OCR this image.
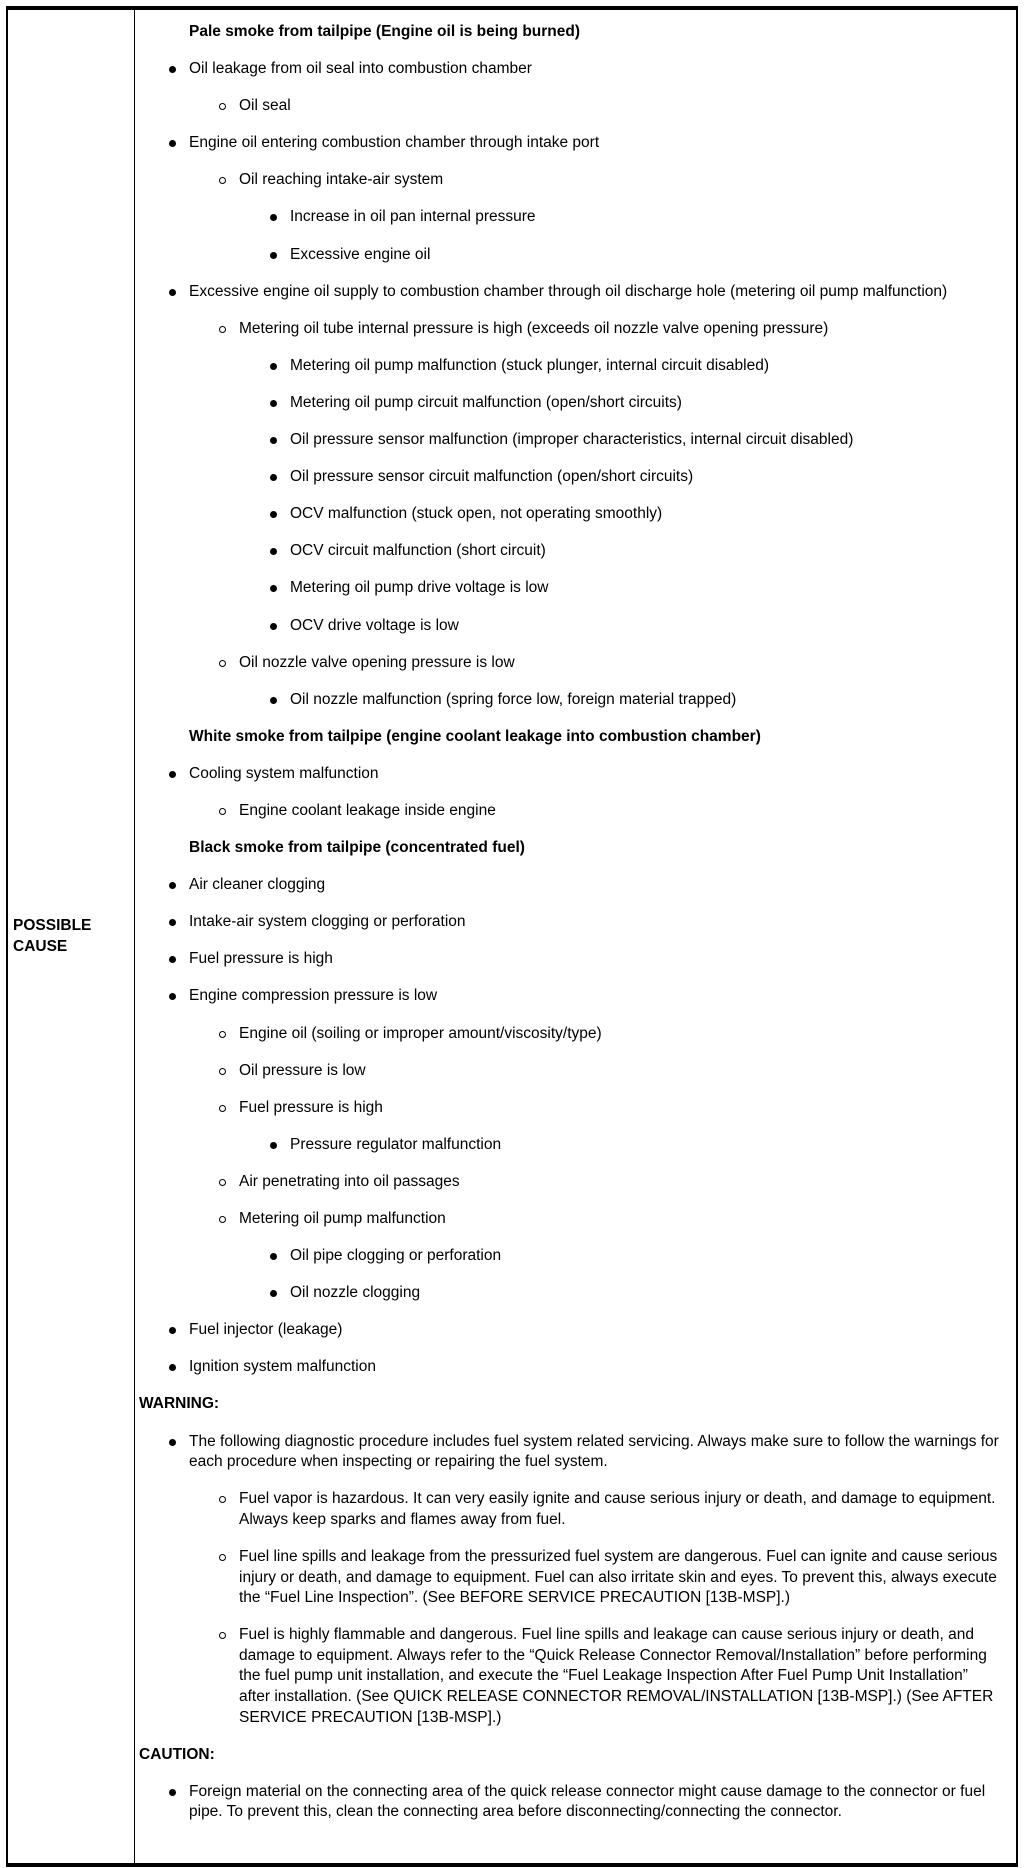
POSSIBLE CAUSE
Pale smoke from tailpipe (Engine oil is being burned)
Oil leakage from oil seal into combustion chamber
Oil seal
Engine oil entering combustion chamber through intake port
Oil reaching intake-air system
Increase in oil pan internal pressure
Excessive engine oil
Excessive engine oil supply to combustion chamber through oil discharge hole (metering oil pump malfunction)
Metering oil tube internal pressure is high (exceeds oil nozzle valve opening pressure)
Metering oil pump malfunction (stuck plunger, internal circuit disabled)
Metering oil pump circuit malfunction (open/short circuits)
Oil pressure sensor malfunction (improper characteristics, internal circuit disabled)
Oil pressure sensor circuit malfunction (open/short circuits)
OCV malfunction (stuck open, not operating smoothly)
OCV circuit malfunction (short circuit)
Metering oil pump drive voltage is low
OCV drive voltage is low
Oil nozzle valve opening pressure is low
Oil nozzle malfunction (spring force low, foreign material trapped)
White smoke from tailpipe (engine coolant leakage into combustion chamber)
Cooling system malfunction
Engine coolant leakage inside engine
Black smoke from tailpipe (concentrated fuel)
Air cleaner clogging
Intake-air system clogging or perforation
Fuel pressure is high
Engine compression pressure is low
Engine oil (soiling or improper amount/viscosity/type)
Oil pressure is low
Fuel pressure is high
Pressure regulator malfunction
Air penetrating into oil passages
Metering oil pump malfunction
Oil pipe clogging or perforation
Oil nozzle clogging
Fuel injector (leakage)
Ignition system malfunction
WARNING:
The following diagnostic procedure includes fuel system related servicing. Always make sure to follow the warnings for each procedure when inspecting or repairing the fuel system.
Fuel vapor is hazardous. It can very easily ignite and cause serious injury or death, and damage to equipment. Always keep sparks and flames away from fuel.
Fuel line spills and leakage from the pressurized fuel system are dangerous. Fuel can ignite and cause serious injury or death, and damage to equipment. Fuel can also irritate skin and eyes. To prevent this, always execute the “Fuel Line Inspection”. (See BEFORE SERVICE PRECAUTION [13B-MSP].)
Fuel is highly flammable and dangerous. Fuel line spills and leakage can cause serious injury or death, and damage to equipment. Always refer to the “Quick Release Connector Removal/Installation” before performing the fuel pump unit installation, and execute the “Fuel Leakage Inspection After Fuel Pump Unit Installation” after installation. (See QUICK RELEASE CONNECTOR REMOVAL/INSTALLATION [13B-MSP].) (See AFTER SERVICE PRECAUTION [13B-MSP].)
CAUTION:
Foreign material on the connecting area of the quick release connector might cause damage to the connector or fuel pipe. To prevent this, clean the connecting area before disconnecting/connecting the connector.
